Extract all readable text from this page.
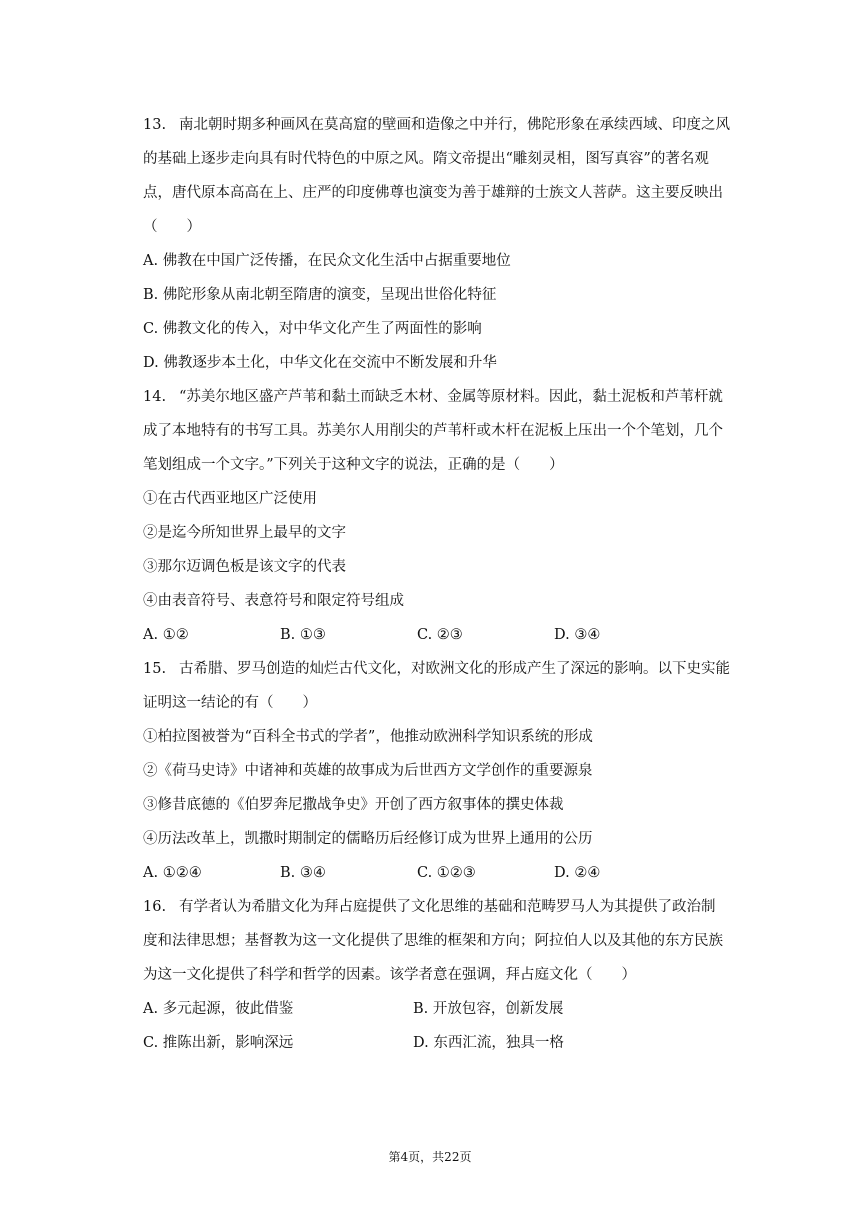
13. 南北朝时期多种画风在莫高窟的壁画和造像之中并行，佛陀形象在承续西域、印度之风
的基础上逐步走向具有时代特色的中原之风。隋文帝提出“雕刻灵相，图写真容”的著名观
点，唐代原本高高在上、庄严的印度佛尊也演变为善于雄辩的士族文人菩萨。这主要反映出
（　　）
A. 佛教在中国广泛传播，在民众文化生活中占据重要地位
B. 佛陀形象从南北朝至隋唐的演变，呈现出世俗化特征
C. 佛教文化的传入，对中华文化产生了两面性的影响
D. 佛教逐步本土化，中华文化在交流中不断发展和升华
14. “苏美尔地区盛产芦苇和黏土而缺乏木材、金属等原材料。因此，黏土泥板和芦苇杆就
成了本地特有的书写工具。苏美尔人用削尖的芦苇杆或木杆在泥板上压出一个个笔划，几个
笔划组成一个文字。”下列关于这种文字的说法，正确的是（　　）
①在古代西亚地区广泛使用
②是迄今所知世界上最早的文字
③那尔迈调色板是该文字的代表
④由表音符号、表意符号和限定符号组成
A. ①②	B. ①③	C. ②③	D. ③④
15. 古希腊、罗马创造的灿烂古代文化，对欧洲文化的形成产生了深远的影响。以下史实能
证明这一结论的有（　　）
①柏拉图被誉为“百科全书式的学者”，他推动欧洲科学知识系统的形成
②《荷马史诗》中诸神和英雄的故事成为后世西方文学创作的重要源泉
③修昔底德的《伯罗奔尼撒战争史》开创了西方叙事体的撰史体裁
④历法改革上，凯撒时期制定的儒略历后经修订成为世界上通用的公历
A. ①②④	B. ③④	C. ①②③	D. ②④
16. 有学者认为希腊文化为拜占庭提供了文化思维的基础和范畴罗马人为其提供了政治制
度和法律思想；基督教为这一文化提供了思维的框架和方向；阿拉伯人以及其他的东方民族
为这一文化提供了科学和哲学的因素。该学者意在强调，拜占庭文化（　　）
A. 多元起源，彼此借鉴	B. 开放包容，创新发展
C. 推陈出新，影响深远	D. 东西汇流，独具一格
第4页，共22页
